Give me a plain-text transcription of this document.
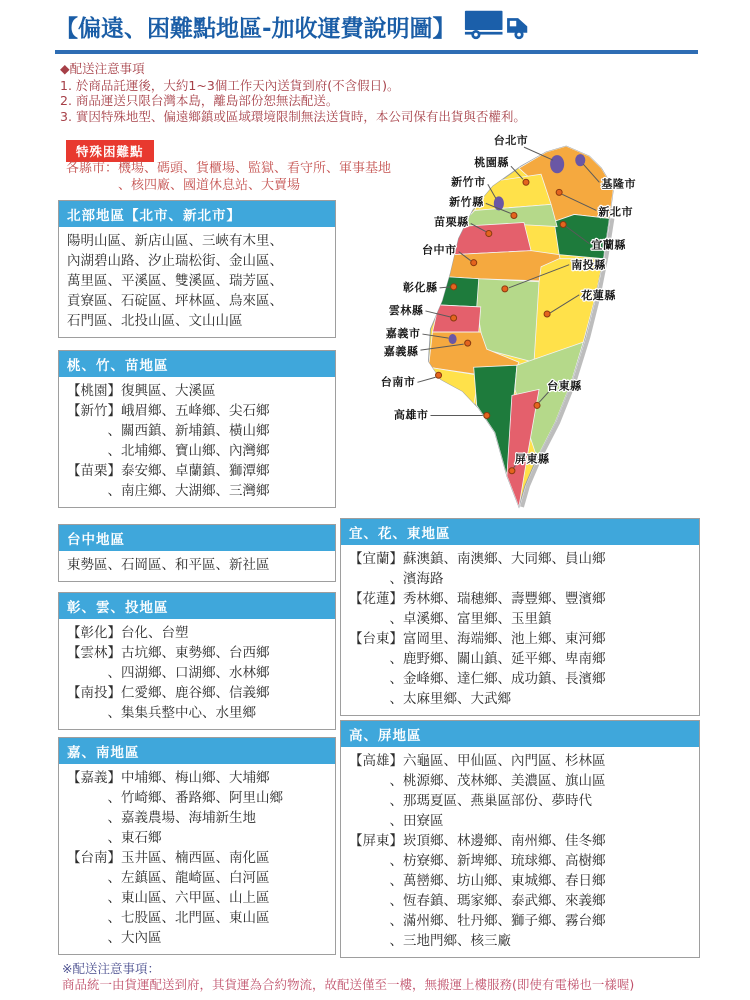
【偏遠、困難點地區-加收運費說明圖】
◆配送注意事項
1. 於商品託運後，大約1~3個工作天內送貨到府(不含假日)。
2. 商品運送只限台灣本島，離島部份恕無法配送。
3. 實因特殊地型、偏遠鄉鎮或區域環境限制無法送貨時，本公司保有出貨與否權利。
特殊困難點
各縣市：機場、碼頭、貨櫃場、監獄、看守所、軍事基地
　　　　、核四廠、國道休息站、大賣場
北部地區【北市、新北市】
陽明山區、新店山區、三峽有木里、
內湖碧山路、汐止瑞松街、金山區、
萬里區、平溪區、雙溪區、瑞芳區、
貢寮區、石碇區、坪林區、烏來區、
石門區、北投山區、文山山區
桃、竹、苗地區
【桃園】復興區、大溪區
【新竹】峨眉鄉、五峰鄉、尖石鄉
　　　、關西鎮、新埔鎮、橫山鄉
　　　、北埔鄉、寶山鄉、內灣鄉
【苗栗】泰安鄉、卓蘭鎮、獅潭鄉
　　　、南庄鄉、大湖鄉、三灣鄉
台中地區
東勢區、石岡區、和平區、新社區
彰、雲、投地區
【彰化】台化、台塑
【雲林】古坑鄉、東勢鄉、台西鄉
　　　、四湖鄉、口湖鄉、水林鄉
【南投】仁愛鄉、鹿谷鄉、信義鄉
　　　、集集兵整中心、水里鄉
嘉、南地區
【嘉義】中埔鄉、梅山鄉、大埔鄉
　　　、竹崎鄉、番路鄉、阿里山鄉
　　　、嘉義農場、海埔新生地
　　　、東石鄉
【台南】玉井區、楠西區、南化區
　　　、左鎮區、龍崎區、白河區
　　　、東山區、六甲區、山上區
　　　、七股區、北門區、東山區
　　　、大內區
宜、花、東地區
【宜蘭】蘇澳鎮、南澳鄉、大同鄉、員山鄉
　　　、濱海路
【花蓮】秀林鄉、瑞穗鄉、壽豐鄉、豐濱鄉
　　　、卓溪鄉、富里鄉、玉里鎮
【台東】富岡里、海端鄉、池上鄉、東河鄉
　　　、鹿野鄉、關山鎮、延平鄉、卑南鄉
　　　、金峰鄉、達仁鄉、成功鎮、長濱鄉
　　　、太麻里鄉、大武鄉
高、屏地區
【高雄】六龜區、甲仙區、內門區、杉林區
　　　、桃源鄉、茂林鄉、美濃區、旗山區
　　　、那瑪夏區、燕巢區部份、夢時代
　　　、田寮區
【屏東】崁頂鄉、林邊鄉、南州鄉、佳冬鄉
　　　、枋寮鄉、新埤鄉、琉球鄉、高樹鄉
　　　、萬巒鄉、坊山鄉、東城鄉、春日鄉
　　　、恆春鎮、瑪家鄉、泰武鄉、來義鄉
　　　、滿州鄉、牡丹鄉、獅子鄉、霧台鄉
　　　、三地門鄉、核三廠
台北市
桃園縣
新竹市
新竹縣
苗栗縣
台中市
彰化縣
雲林縣
嘉義市
嘉義縣
台南市
高雄市
基隆市
新北市
宜蘭縣
南投縣
花蓮縣
台東縣
屏東縣
※配送注意事項：
商品統一由貨運配送到府，其貨運為合約物流，故配送僅至一樓，無搬運上樓服務(即使有電梯也一樣喔)
